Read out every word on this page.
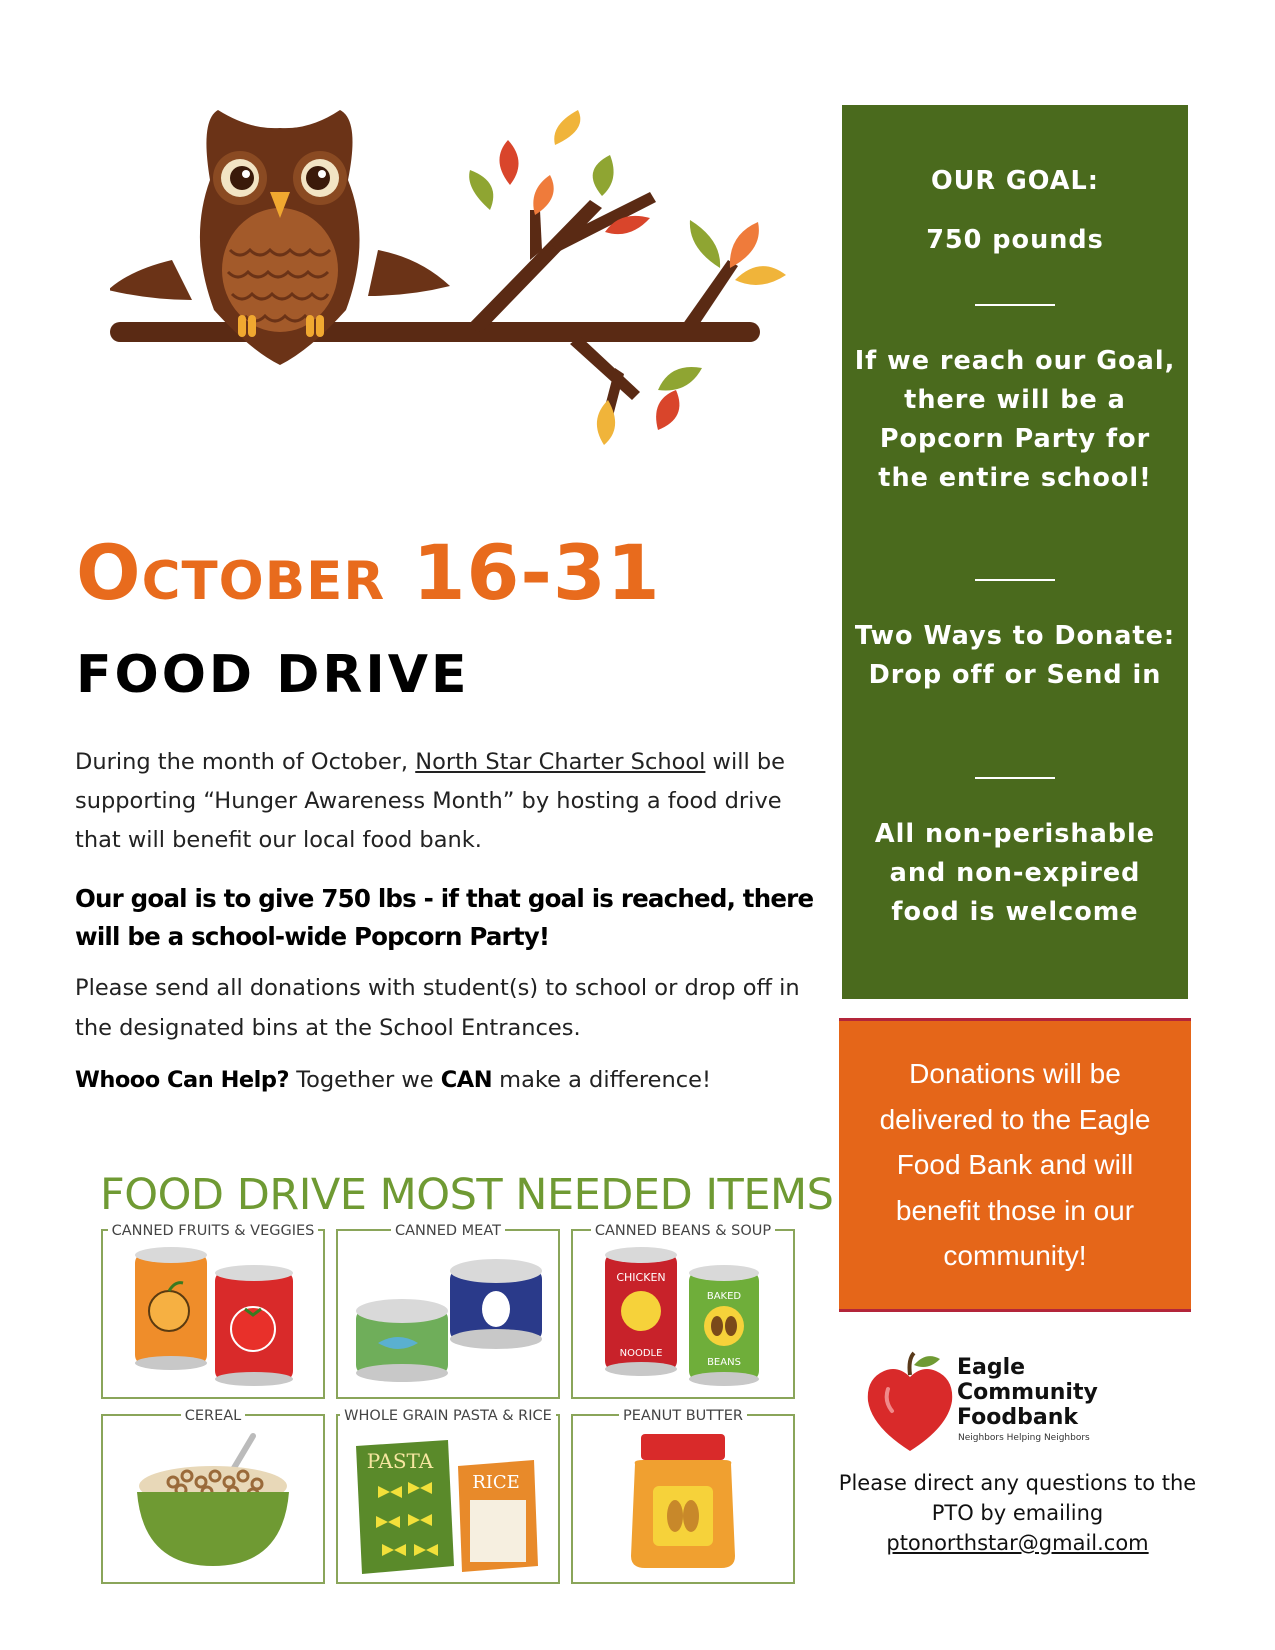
October 16-31
FOOD DRIVE

During the month of October, North Star Charter School will be supporting “Hunger Awareness Month” by hosting a food drive that will benefit our local food bank.

Our goal is to give 750 lbs - if that goal is reached, there will be a school-wide Popcorn Party!

Please send all donations with student(s) to school or drop off in the designated bins at the School Entrances.

Whooo Can Help? Together we CAN make a difference!

FOOD DRIVE MOST NEEDED ITEMS
CANNED FRUITS & VEGGIES	CANNED MEAT	CANNED BEANS & SOUP
CHICKEN
NOODLE
BAKED
BEANS
CEREAL	WHOLE GRAIN PASTA & RICE
PASTA
RICE
PEANUT BUTTER
OUR GOAL:
750 pounds
If we reach our Goal, there will be a Popcorn Party for the entire school!
Two Ways to Donate: Drop off or Send in
All non-perishable and non-expired food is welcome
Donations will be delivered to the Eagle Food Bank and will benefit those in our community!
Eagle
Community
Foodbank
Neighbors Helping Neighbors
Please direct any questions to the PTO by emailing
ptonorthstar@gmail.com
